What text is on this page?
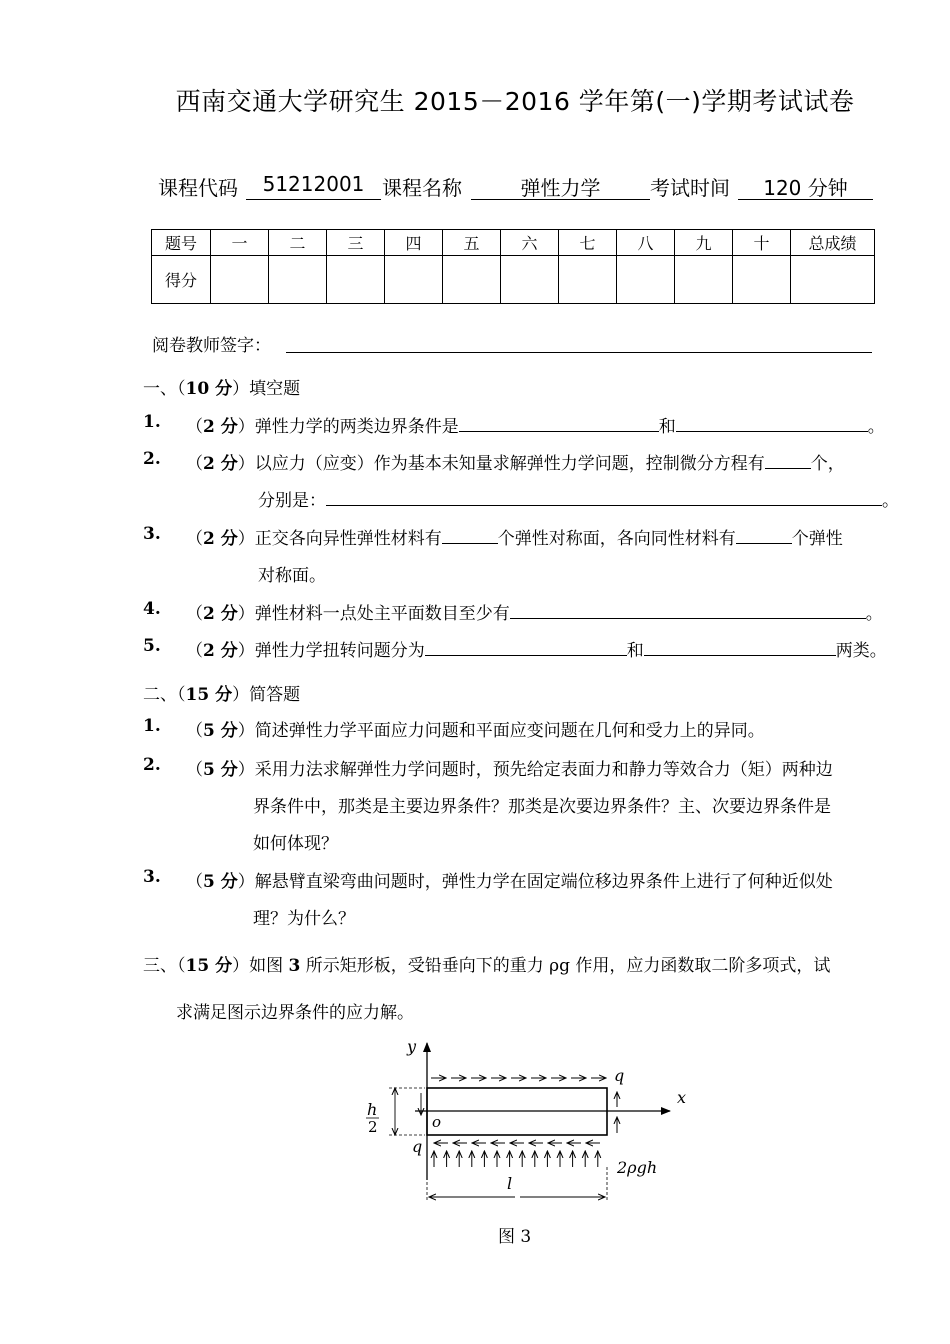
西南交通大学研究生 2015－2016 学年第(一)学期考试试卷
课程代码	51212001 课程名称	弹性力学	考试时间	120 分钟
题号	一	二	三	四	五	六	七	八	九	十	总成绩
得分											
阅卷教师签字：
一、（10 分）填空题
1. （2 分）弹性力学的两类边界条件是	和	。
2. （2 分）以应力（应变）作为基本未知量求解弹性力学问题，控制微分方程有	个，
分别是：	。
3. （2 分）正交各向异性弹性材料有	个弹性对称面，各向同性材料有	个弹性
对称面。
4. （2 分）弹性材料一点处主平面数目至少有	。
5. （2 分）弹性力学扭转问题分为	和	两类。
二、（15 分）简答题
1. （5 分）简述弹性力学平面应力问题和平面应变问题在几何和受力上的异同。
2. （5 分）采用力法求解弹性力学问题时，预先给定表面力和静力等效合力（矩）两种边
界条件中，那类是主要边界条件？那类是次要边界条件？主、次要边界条件是
如何体现？
3. （5 分）解悬臂直梁弯曲问题时，弹性力学在固定端位移边界条件上进行了何种近似处
理？为什么？
三、（15 分）如图 3 所示矩形板，受铅垂向下的重力 ρg 作用，应力函数取二阶多项式，试
求满足图示边界条件的应力解。
y
x
o
q
q
h
2
2ρgh
l
图 3
